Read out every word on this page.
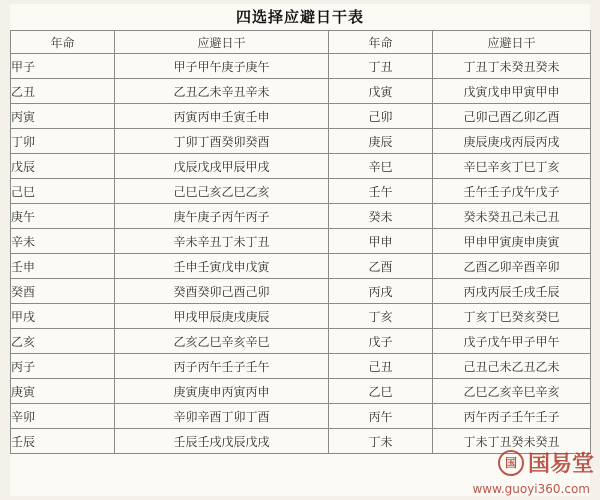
四选择应避日干表
年命	应避日干	年命	应避日干
甲子	甲子甲午庚子庚午	丁丑	丁丑丁未癸丑癸未
乙丑	乙丑乙未辛丑辛未	戊寅	戊寅戊申甲寅甲申
丙寅	丙寅丙申壬寅壬申	己卯	己卯己酉乙卯乙酉
丁卯	丁卯丁酉癸卯癸酉	庚辰	庚辰庚戌丙辰丙戌
戊辰	戊辰戊戌甲辰甲戌	辛巳	辛巳辛亥丁巳丁亥
己巳	己巳己亥乙巳乙亥	壬午	壬午壬子戊午戊子
庚午	庚午庚子丙午丙子	癸未	癸未癸丑己未己丑
辛未	辛未辛丑丁未丁丑	甲申	甲申甲寅庚申庚寅
壬申	壬申壬寅戊申戊寅	乙酉	乙酉乙卯辛酉辛卯
癸酉	癸酉癸卯己酉己卯	丙戌	丙戌丙辰壬戌壬辰
甲戌	甲戌甲辰庚戌庚辰	丁亥	丁亥丁巳癸亥癸巳
乙亥	乙亥乙巳辛亥辛巳	戊子	戊子戊午甲子甲午
丙子	丙子丙午壬子壬午	己丑	己丑己未乙丑乙未
庚寅	庚寅庚申丙寅丙申	乙巳	乙巳乙亥辛巳辛亥
辛卯	辛卯辛酉丁卯丁酉	丙午	丙午丙子壬午壬子
壬辰	壬辰壬戌戊辰戊戌	丁未	丁未丁丑癸未癸丑
国 国易堂
www.guoyi360.com
